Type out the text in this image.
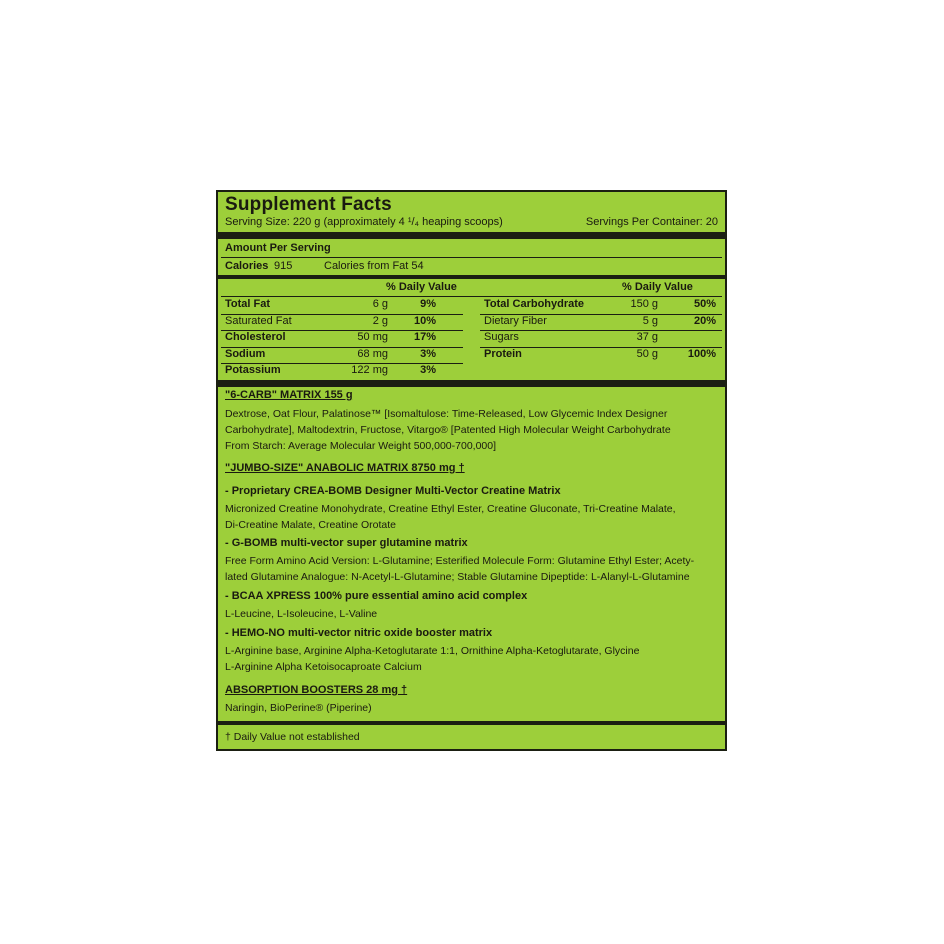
Supplement Facts
Serving Size: 220 g (approximately 4 ¹/₄ heaping scoops)	Servings Per Container: 20
Amount Per Serving
Calories 915	Calories from Fat 54
% Daily Value	% Daily Value
Total Fat	6 g	9%
Saturated Fat	2 g	10%
Cholesterol	50 mg	17%
Sodium	68 mg	3%
Potassium	122 mg	3%
Total Carbohydrate	150 g	50%
Dietary Fiber	5 g	20%
Sugars	37 g
Protein	50 g	100%
"6-CARB" MATRIX 155 g
Dextrose, Oat Flour, Palatinose™ [Isomaltulose: Time-Released, Low Glycemic Index Designer
Carbohydrate], Maltodextrin, Fructose, Vitargo® [Patented High Molecular Weight Carbohydrate
From Starch: Average Molecular Weight 500,000-700,000]
"JUMBO-SIZE" ANABOLIC MATRIX 8750 mg †
- Proprietary CREA-BOMB Designer Multi-Vector Creatine Matrix
Micronized Creatine Monohydrate, Creatine Ethyl Ester, Creatine Gluconate, Tri-Creatine Malate,
Di-Creatine Malate, Creatine Orotate
- G-BOMB multi-vector super glutamine matrix
Free Form Amino Acid Version: L-Glutamine; Esterified Molecule Form: Glutamine Ethyl Ester; Acety-
lated Glutamine Analogue: N-Acetyl-L-Glutamine; Stable Glutamine Dipeptide: L-Alanyl-L-Glutamine
- BCAA XPRESS 100% pure essential amino acid complex
L-Leucine, L-Isoleucine, L-Valine
- HEMO-NO multi-vector nitric oxide booster matrix
L-Arginine base, Arginine Alpha-Ketoglutarate 1:1, Ornithine Alpha-Ketoglutarate, Glycine
L-Arginine Alpha Ketoisocaproate Calcium
ABSORPTION BOOSTERS 28 mg †
Naringin, BioPerine® (Piperine)
† Daily Value not established
